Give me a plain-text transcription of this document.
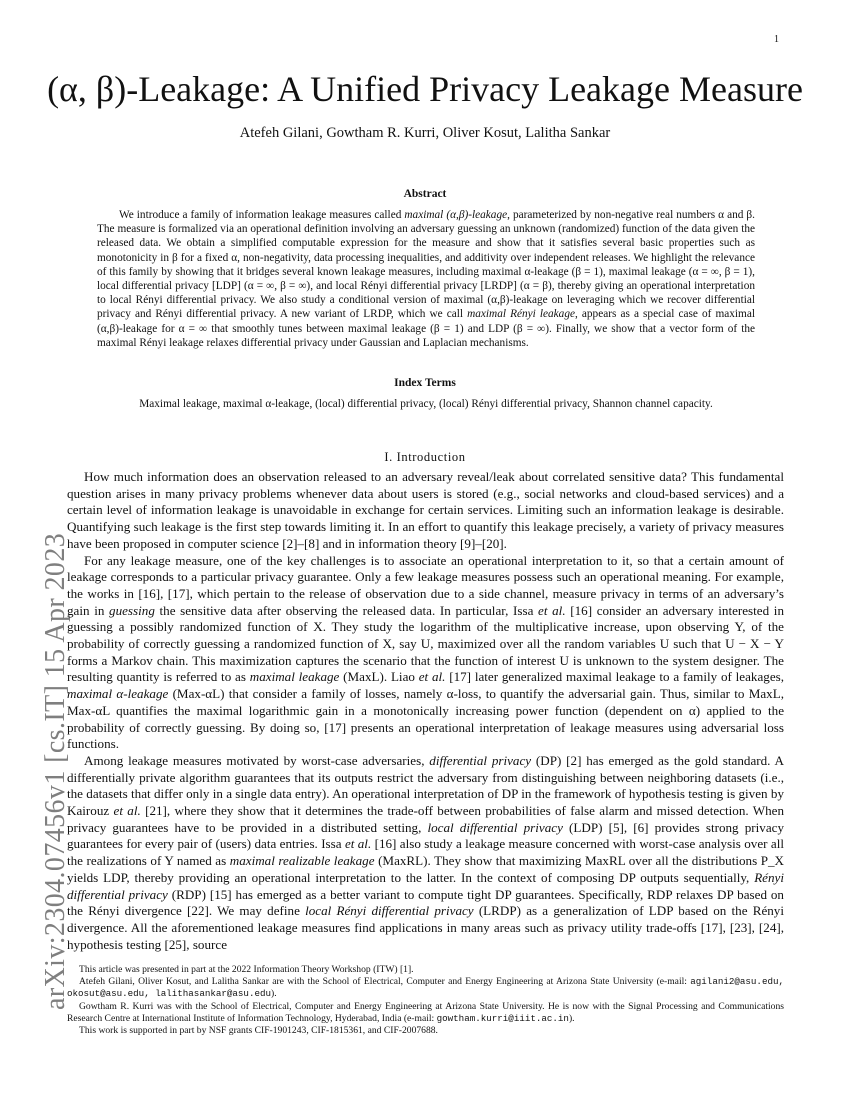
1
arXiv:2304.07456v1 [cs.IT] 15 Apr 2023
(α, β)-Leakage: A Unified Privacy Leakage Measure
Atefeh Gilani, Gowtham R. Kurri, Oliver Kosut, Lalitha Sankar
Abstract

We introduce a family of information leakage measures called maximal (α,β)-leakage, parameterized by non-negative real numbers α and β. The measure is formalized via an operational definition involving an adversary guessing an unknown (randomized) function of the data given the released data. We obtain a simplified computable expression for the measure and show that it satisfies several basic properties such as monotonicity in β for a fixed α, non-negativity, data processing inequalities, and additivity over independent releases. We highlight the relevance of this family by showing that it bridges several known leakage measures, including maximal α-leakage (β = 1), maximal leakage (α = ∞, β = 1), local differential privacy [LDP] (α = ∞, β = ∞), and local Rényi differential privacy [LRDP] (α = β), thereby giving an operational interpretation to local Rényi differential privacy. We also study a conditional version of maximal (α,β)-leakage on leveraging which we recover differential privacy and Rényi differential privacy. A new variant of LRDP, which we call maximal Rényi leakage, appears as a special case of maximal (α,β)-leakage for α = ∞ that smoothly tunes between maximal leakage (β = 1) and LDP (β = ∞). Finally, we show that a vector form of the maximal Rényi leakage relaxes differential privacy under Gaussian and Laplacian mechanisms.

Index Terms
Maximal leakage, maximal α-leakage, (local) differential privacy, (local) Rényi differential privacy, Shannon channel capacity.
I. Introduction

How much information does an observation released to an adversary reveal/leak about correlated sensitive data? This fundamental question arises in many privacy problems whenever data about users is stored (e.g., social networks and cloud-based services) and a certain level of information leakage is unavoidable in exchange for certain services. Limiting such an information leakage is desirable. Quantifying such leakage is the first step towards limiting it. In an effort to quantify this leakage precisely, a variety of privacy measures have been proposed in computer science [2]–[8] and in information theory [9]–[20].

For any leakage measure, one of the key challenges is to associate an operational interpretation to it, so that a certain amount of leakage corresponds to a particular privacy guarantee. Only a few leakage measures possess such an operational meaning. For example, the works in [16], [17], which pertain to the release of observation due to a side channel, measure privacy in terms of an adversary’s gain in guessing the sensitive data after observing the released data. In particular, Issa et al. [16] consider an adversary interested in guessing a possibly randomized function of X. They study the logarithm of the multiplicative increase, upon observing Y, of the probability of correctly guessing a randomized function of X, say U, maximized over all the random variables U such that U − X − Y forms a Markov chain. This maximization captures the scenario that the function of interest U is unknown to the system designer. The resulting quantity is referred to as maximal leakage (MaxL). Liao et al. [17] later generalized maximal leakage to a family of leakages, maximal α-leakage (Max-αL) that consider a family of losses, namely α-loss, to quantify the adversarial gain. Thus, similar to MaxL, Max-αL quantifies the maximal logarithmic gain in a monotonically increasing power function (dependent on α) applied to the probability of correctly guessing. By doing so, [17] presents an operational interpretation of leakage measures using adversarial loss functions.

Among leakage measures motivated by worst-case adversaries, differential privacy (DP) [2] has emerged as the gold standard. A differentially private algorithm guarantees that its outputs restrict the adversary from distinguishing between neighboring datasets (i.e., the datasets that differ only in a single data entry). An operational interpretation of DP in the framework of hypothesis testing is given by Kairouz et al. [21], where they show that it determines the trade-off between probabilities of false alarm and missed detection. When privacy guarantees have to be provided in a distributed setting, local differential privacy (LDP) [5], [6] provides strong privacy guarantees for every pair of (users) data entries. Issa et al. [16] also study a leakage measure concerned with worst-case analysis over all the realizations of Y named as maximal realizable leakage (MaxRL). They show that maximizing MaxRL over all the distributions P_X yields LDP, thereby providing an operational interpretation to the latter. In the context of composing DP outputs sequentially, Rényi differential privacy (RDP) [15] has emerged as a better variant to compute tight DP guarantees. Specifically, RDP relaxes DP based on the Rényi divergence [22]. We may define local Rényi differential privacy (LRDP) as a generalization of LDP based on the Rényi divergence. All the aforementioned leakage measures find applications in many areas such as privacy utility trade-offs [17], [23], [24], hypothesis testing [25], source

This article was presented in part at the 2022 Information Theory Workshop (ITW) [1].

Atefeh Gilani, Oliver Kosut, and Lalitha Sankar are with the School of Electrical, Computer and Energy Engineering at Arizona State University (e-mail: agilani2@asu.edu, okosut@asu.edu, lalithasankar@asu.edu).

Gowtham R. Kurri was with the School of Electrical, Computer and Energy Engineering at Arizona State University. He is now with the Signal Processing and Communications Research Centre at International Institute of Information Technology, Hyderabad, India (e-mail: gowtham.kurri@iiit.ac.in).

This work is supported in part by NSF grants CIF-1901243, CIF-1815361, and CIF-2007688.
